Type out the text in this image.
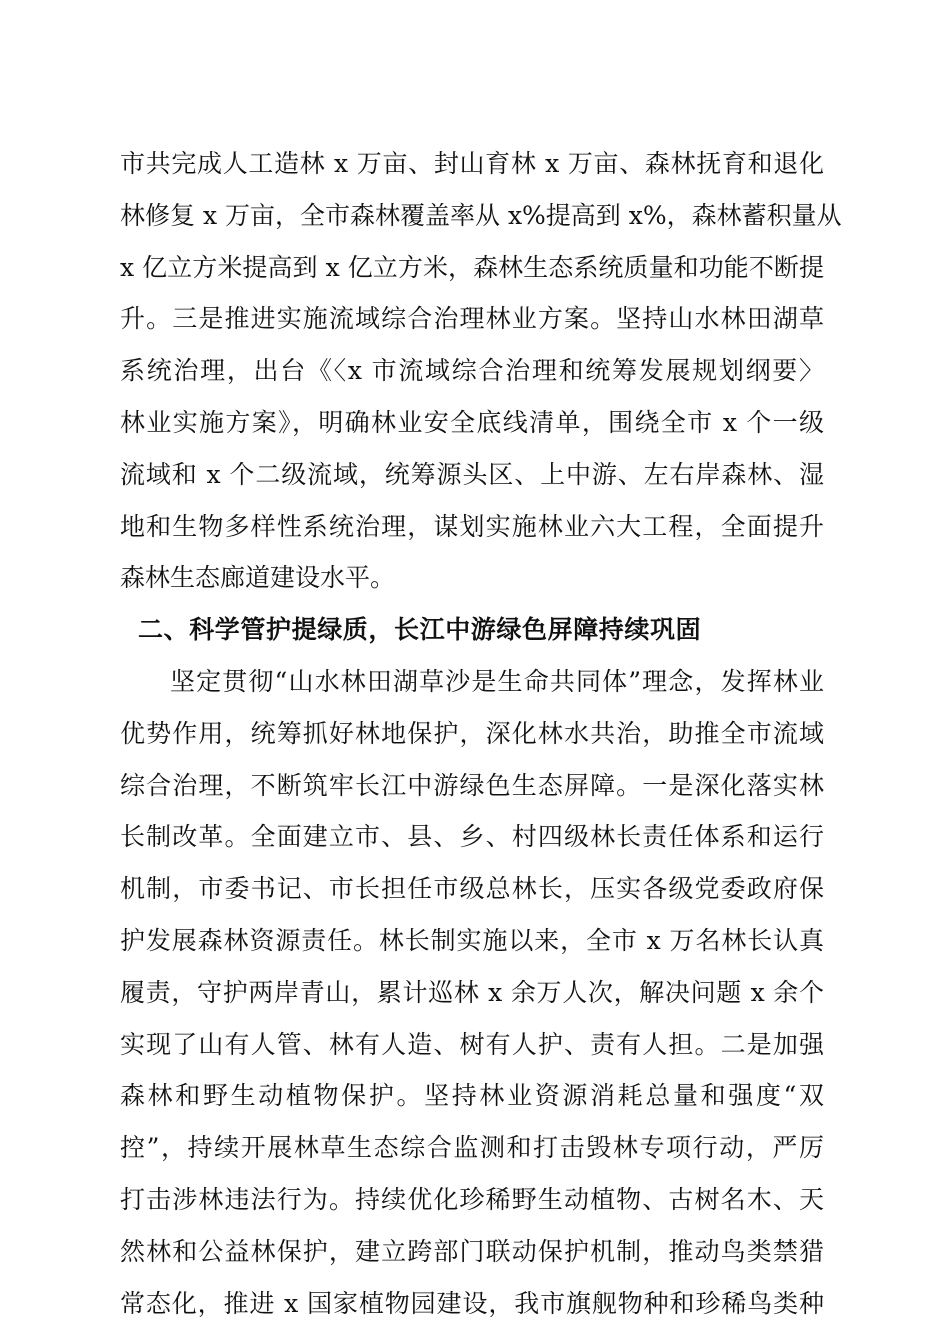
市共完成人工造林 x 万亩、封山育林 x 万亩、森林抚育和退化
林修复 x 万亩，全市森林覆盖率从 x%提高到 x%，森林蓄积量从
x 亿立方米提高到 x 亿立方米，森林生态系统质量和功能不断提
升。三是推进实施流域综合治理林业方案。坚持山水林田湖草
系统治理，出台《〈x 市流域综合治理和统筹发展规划纲要〉
林业实施方案》，明确林业安全底线清单，围绕全市 x 个一级
流域和 x 个二级流域，统筹源头区、上中游、左右岸森林、湿
地和生物多样性系统治理，谋划实施林业六大工程，全面提升
森林生态廊道建设水平。
二、科学管护提绿质，长江中游绿色屏障持续巩固
坚定贯彻“山水林田湖草沙是生命共同体”理念，发挥林业
优势作用，统筹抓好林地保护，深化林水共治，助推全市流域
综合治理，不断筑牢长江中游绿色生态屏障。一是深化落实林
长制改革。全面建立市、县、乡、村四级林长责任体系和运行
机制，市委书记、市长担任市级总林长，压实各级党委政府保
护发展森林资源责任。林长制实施以来，全市 x 万名林长认真
履责，守护两岸青山，累计巡林 x 余万人次，解决问题 x 余个
实现了山有人管、林有人造、树有人护、责有人担。二是加强
森林和野生动植物保护。坚持林业资源消耗总量和强度“双
控”，持续开展林草生态综合监测和打击毁林专项行动，严厉
打击涉林违法行为。持续优化珍稀野生动植物、古树名木、天
然林和公益林保护，建立跨部门联动保护机制，推动鸟类禁猎
常态化，推进 x 国家植物园建设，我市旗舰物种和珍稀鸟类种
